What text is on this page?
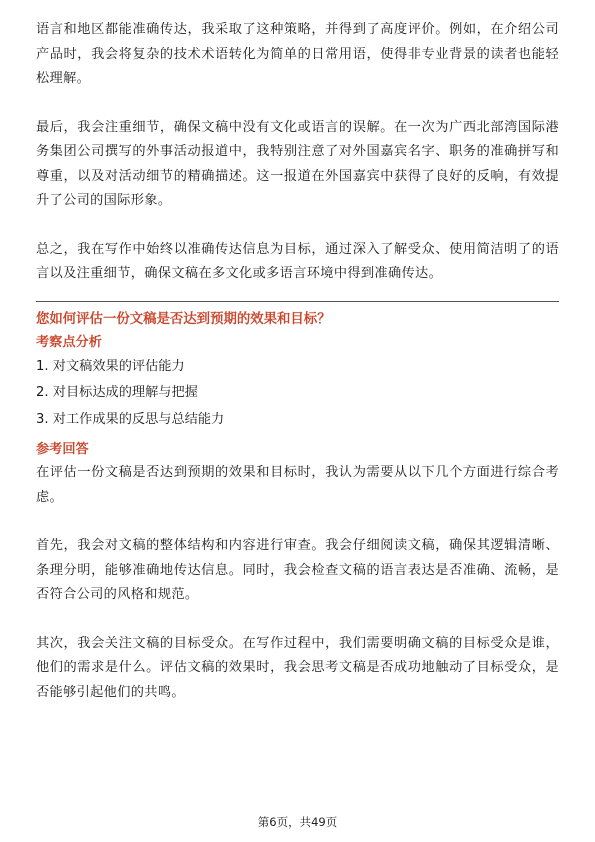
语言和地区都能准确传达，我采取了这种策略，并得到了高度评价。例如，在介绍公司产品时，我会将复杂的技术术语转化为简单的日常用语，使得非专业背景的读者也能轻松理解。

最后，我会注重细节，确保文稿中没有文化或语言的误解。在一次为广西北部湾国际港务集团公司撰写的外事活动报道中，我特别注意了对外国嘉宾名字、职务的准确拼写和尊重，以及对活动细节的精确描述。这一报道在外国嘉宾中获得了良好的反响，有效提升了公司的国际形象。

总之，我在写作中始终以准确传达信息为目标，通过深入了解受众、使用简洁明了的语言以及注重细节，确保文稿在多文化或多语言环境中得到准确传达。

您如何评估一份文稿是否达到预期的效果和目标？

考察点分析

1. 对文稿效果的评估能力

2. 对目标达成的理解与把握

3. 对工作成果的反思与总结能力

参考回答

在评估一份文稿是否达到预期的效果和目标时，我认为需要从以下几个方面进行综合考虑。

首先，我会对文稿的整体结构和内容进行审查。我会仔细阅读文稿，确保其逻辑清晰、条理分明，能够准确地传达信息。同时，我会检查文稿的语言表达是否准确、流畅，是否符合公司的风格和规范。

其次，我会关注文稿的目标受众。在写作过程中，我们需要明确文稿的目标受众是谁，他们的需求是什么。评估文稿的效果时，我会思考文稿是否成功地触动了目标受众，是否能够引起他们的共鸣。

第6页，共49页
